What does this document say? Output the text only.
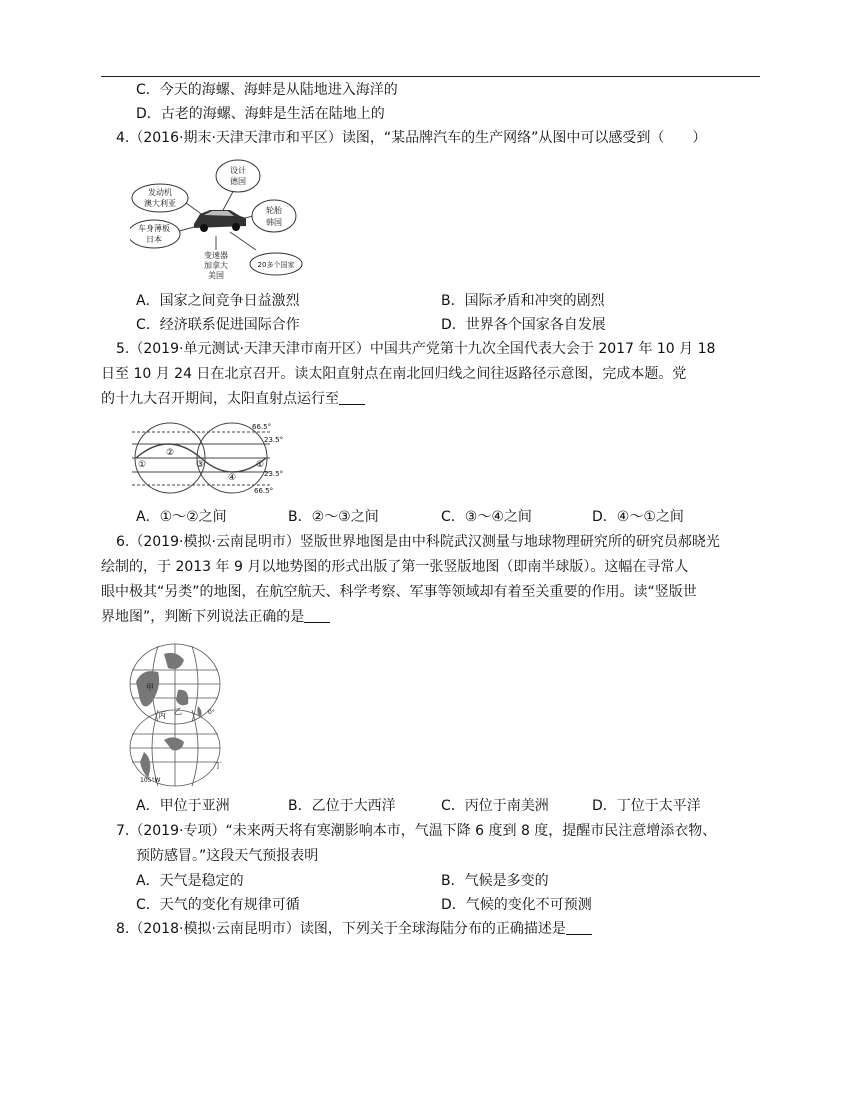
C．今天的海螺、海蚌是从陆地进入海洋的
D．古老的海螺、海蚌是生活在陆地上的
4.（2016·期末·天津天津市和平区）读图，“某品牌汽车的生产网络”从图中可以感受到（　　）
设计
德国
发动机
澳大利亚
轮胎
韩国
车身薄板
日本
变速器
加拿大
美国
20多个国家
A．国家之间竞争日益激烈	B．国际矛盾和冲突的剧烈
C．经济联系促进国际合作	D．世界各个国家各自发展
5.（2019·单元测试·天津天津市南开区）中国共产党第十九次全国代表大会于 2017 年 10 月 18
日至 10 月 24 日在北京召开。读太阳直射点在南北回归线之间往返路径示意图，完成本题。党
的十九大召开期间，太阳直射点运行至
66.5°
23.5°
23.5°
66.5°
①
②
③
④
①
A．①～②之间	B．②～③之间	C．③～④之间	D．④～①之间
6.（2019·模拟·云南昆明市）竖版世界地图是由中科院武汉测量与地球物理研究所的研究员郝晓光
绘制的，于 2013 年 9 月以地势图的形式出版了第一张竖版地图（即南半球版）。这幅在寻常人
眼中极其“另类”的地图，在航空航天、科学考察、军事等领域却有着至关重要的作用。读“竖版世
界地图”，判断下列说法正确的是
甲
乙
丙
丁
0°
105°W
A．甲位于亚洲	B．乙位于大西洋	C．丙位于南美洲	D．丁位于太平洋
7.（2019·专项）“未来两天将有寒潮影响本市，气温下降 6 度到 8 度，提醒市民注意增添衣物、
预防感冒。”这段天气预报表明
A．天气是稳定的	B．气候是多变的
C．天气的变化有规律可循	D．气候的变化不可预测
8.（2018·模拟·云南昆明市）读图，下列关于全球海陆分布的正确描述是
